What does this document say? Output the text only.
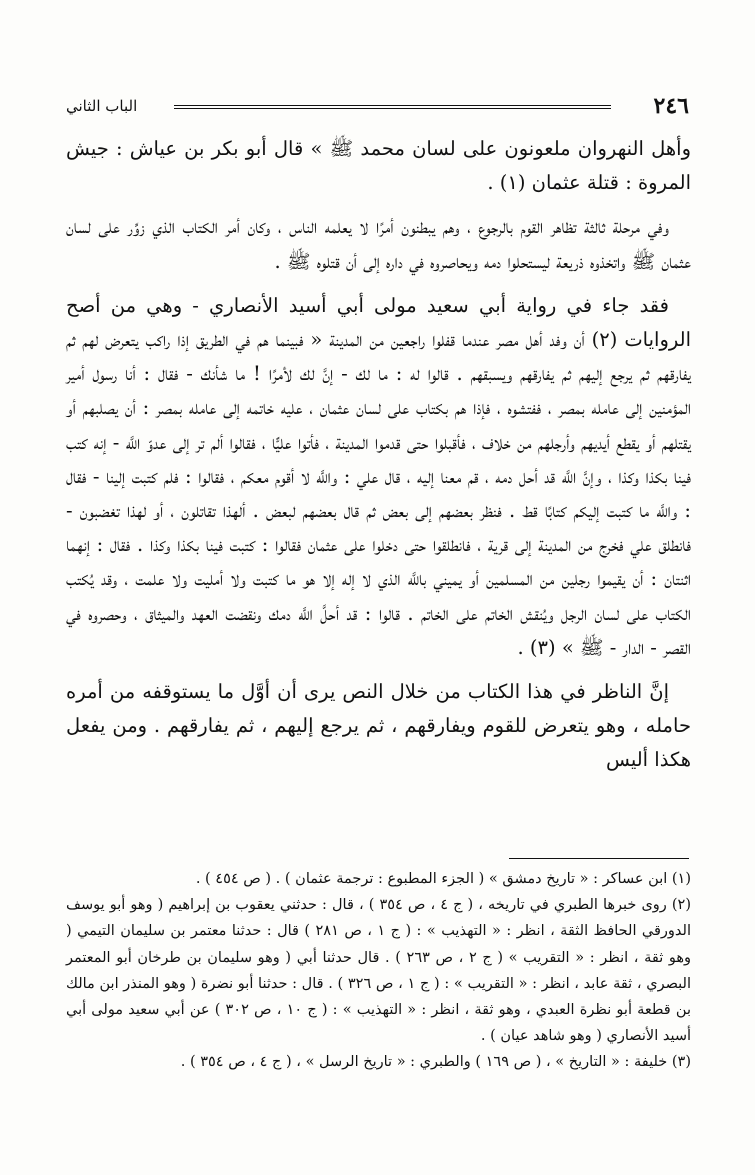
٢٤٦
الباب الثاني

وأهل النهروان ملعونون على لسان محمد ﷺ » قال أبو بكر بن عياش : جيش المروة : قتلة عثمان (١) .

وفي مرحلة ثالثة تظاهر القوم بالرجوع ، وهم يبطنون أمرًا لا يعلمه الناس ، وكان أمر الكتاب الذي زوِّر على لسان عثمان ﷺ واتخذوه ذريعة ليستحلوا دمه ويحاصروه في داره إلى أن قتلوه ﷺ .

فقد جاء في رواية أبي سعيد مولى أبي أسيد الأنصاري - وهي من أصح الروايات (٢) أن وفد أهل مصر عندما قفلوا راجعين من المدينة « فبينما هم في الطريق إذا راكب يتعرض لهم ثم يفارقهم ثم يرجع إليهم ثم يفارقهم ويسبقهم . قالوا له : ما لك - إنَّ لك لأمرًا ! ما شأنك - فقال : أنا رسول أمير المؤمنين إلى عامله بمصر ، ففتشوه ، فإذا هم بكتاب على لسان عثمان ، عليه خاتمه إلى عامله بمصر : أن يصلبهم أو يقتلهم أو يقطع أيديهم وأرجلهم من خلاف ، فأقبلوا حتى قدموا المدينة ، فأتوا عليًّا ، فقالوا ألم تر إلى عدوّ اللَّه - إنه كتب فينا بكذا وكذا ، وإنَّ اللَّه قد أحل دمه ، قم معنا إليه ، قال علي : واللَّه لا أقوم معكم ، فقالوا : فلم كتبت إلينا - فقال : واللَّه ما كتبت إليكم كتابًا قط . فنظر بعضهم إلى بعض ثم قال بعضهم لبعض . ألهذا تقاتلون ، أو لهذا تغضبون - فانطلق علي فخرج من المدينة إلى قرية ، فانطلقوا حتى دخلوا على عثمان فقالوا : كتبت فينا بكذا وكذا . فقال : إنهما اثنتان : أن يقيموا رجلين من المسلمين أو يميني باللَّه الذي لا إله إلا هو ما كتبت ولا أمليت ولا علمت ، وقد يُكتب الكتاب على لسان الرجل ويُنقش الخاتم على الخاتم . قالوا : قد أحلَّ اللَّه دمك ونقضت العهد والميثاق ، وحصروه في القصر - الدار - ﷺ » (٣) .

إنَّ الناظر في هذا الكتاب من خلال النص يرى أن أوَّل ما يستوقفه من أمره حامله ، وهو يتعرض للقوم ويفارقهم ، ثم يرجع إليهم ، ثم يفارقهم . ومن يفعل هكذا أليس

(١) ابن عساكر : « تاريخ دمشق » ( الجزء المطبوع : ترجمة عثمان ) . ( ص ٤٥٤ ) .

(٢) روى خبرها الطبري في تاريخه ، ( ج ٤ ، ص ٣٥٤ ) ، قال : حدثني يعقوب بن إبراهيم ( وهو أبو يوسف الدورقي الحافظ الثقة ، انظر : « التهذيب » : ( ج ١ ، ص ٢٨١ ) قال : حدثنا معتمر بن سليمان التيمي ( وهو ثقة ، انظر : « التقريب » ( ج ٢ ، ص ٢٦٣ ) . قال حدثنا أبي ( وهو سليمان بن طرخان أبو المعتمر البصري ، ثقة عابد ، انظر : « التقريب » : ( ج ١ ، ص ٣٢٦ ) . قال : حدثنا أبو نضرة ( وهو المنذر ابن مالك بن قطعة أبو نظرة العبدي ، وهو ثقة ، انظر : « التهذيب » : ( ج ١٠ ، ص ٣٠٢ ) عن أبي سعيد مولى أبي أسيد الأنصاري ( وهو شاهد عيان ) .

(٣) خليفة : « التاريخ » ، ( ص ١٦٩ ) والطبري : « تاريخ الرسل » ، ( ج ٤ ، ص ٣٥٤ ) .
